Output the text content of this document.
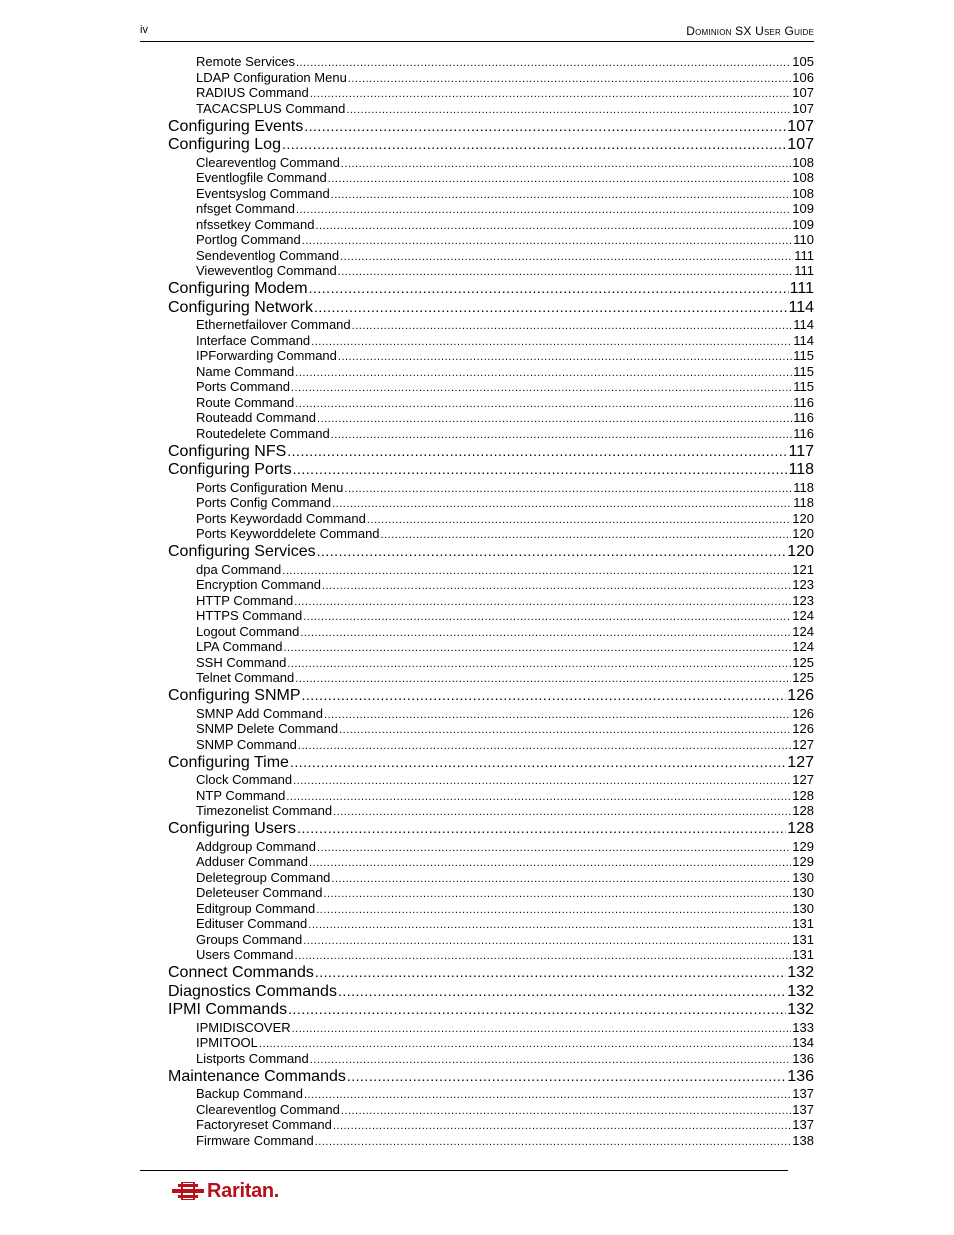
iv	Dominion SX User Guide
Remote Services .....	105
LDAP Configuration Menu .....	106
RADIUS Command .....	107
TACACSPLUS Command .....	107
Configuring Events .....	107
Configuring Log .....	107
Cleareventlog Command .....	108
Eventlogfile Command .....	108
Eventsyslog Command .....	108
nfsget Command .....	109
nfssetkey Command .....	109
Portlog Command .....	110
Sendeventlog Command .....	111
Vieweventlog Command .....	111
Configuring Modem .....	111
Configuring Network .....	114
Ethernetfailover Command .....	114
Interface Command .....	114
IPForwarding Command .....	115
Name Command .....	115
Ports Command .....	115
Route Command .....	116
Routeadd Command .....	116
Routedelete Command .....	116
Configuring NFS .....	117
Configuring Ports .....	118
Ports Configuration Menu .....	118
Ports Config Command .....	118
Ports Keywordadd Command .....	120
Ports Keyworddelete Command .....	120
Configuring Services .....	120
dpa Command .....	121
Encryption Command .....	123
HTTP Command .....	123
HTTPS Command .....	124
Logout Command .....	124
LPA Command .....	124
SSH Command .....	125
Telnet Command .....	125
Configuring SNMP .....	126
SMNP Add Command .....	126
SNMP Delete Command .....	126
SNMP Command .....	127
Configuring Time .....	127
Clock Command .....	127
NTP Command .....	128
Timezonelist Command .....	128
Configuring Users .....	128
Addgroup Command .....	129
Adduser Command .....	129
Deletegroup Command .....	130
Deleteuser Command .....	130
Editgroup Command .....	130
Edituser Command .....	131
Groups Command .....	131
Users Command .....	131
Connect Commands .....	132
Diagnostics Commands .....	132
IPMI Commands .....	132
IPMIDISCOVER .....	133
IPMITOOL .....	134
Listports Command .....	136
Maintenance Commands .....	136
Backup Command .....	137
Cleareventlog Command .....	137
Factoryreset Command .....	137
Firmware Command .....	138
Raritan.
